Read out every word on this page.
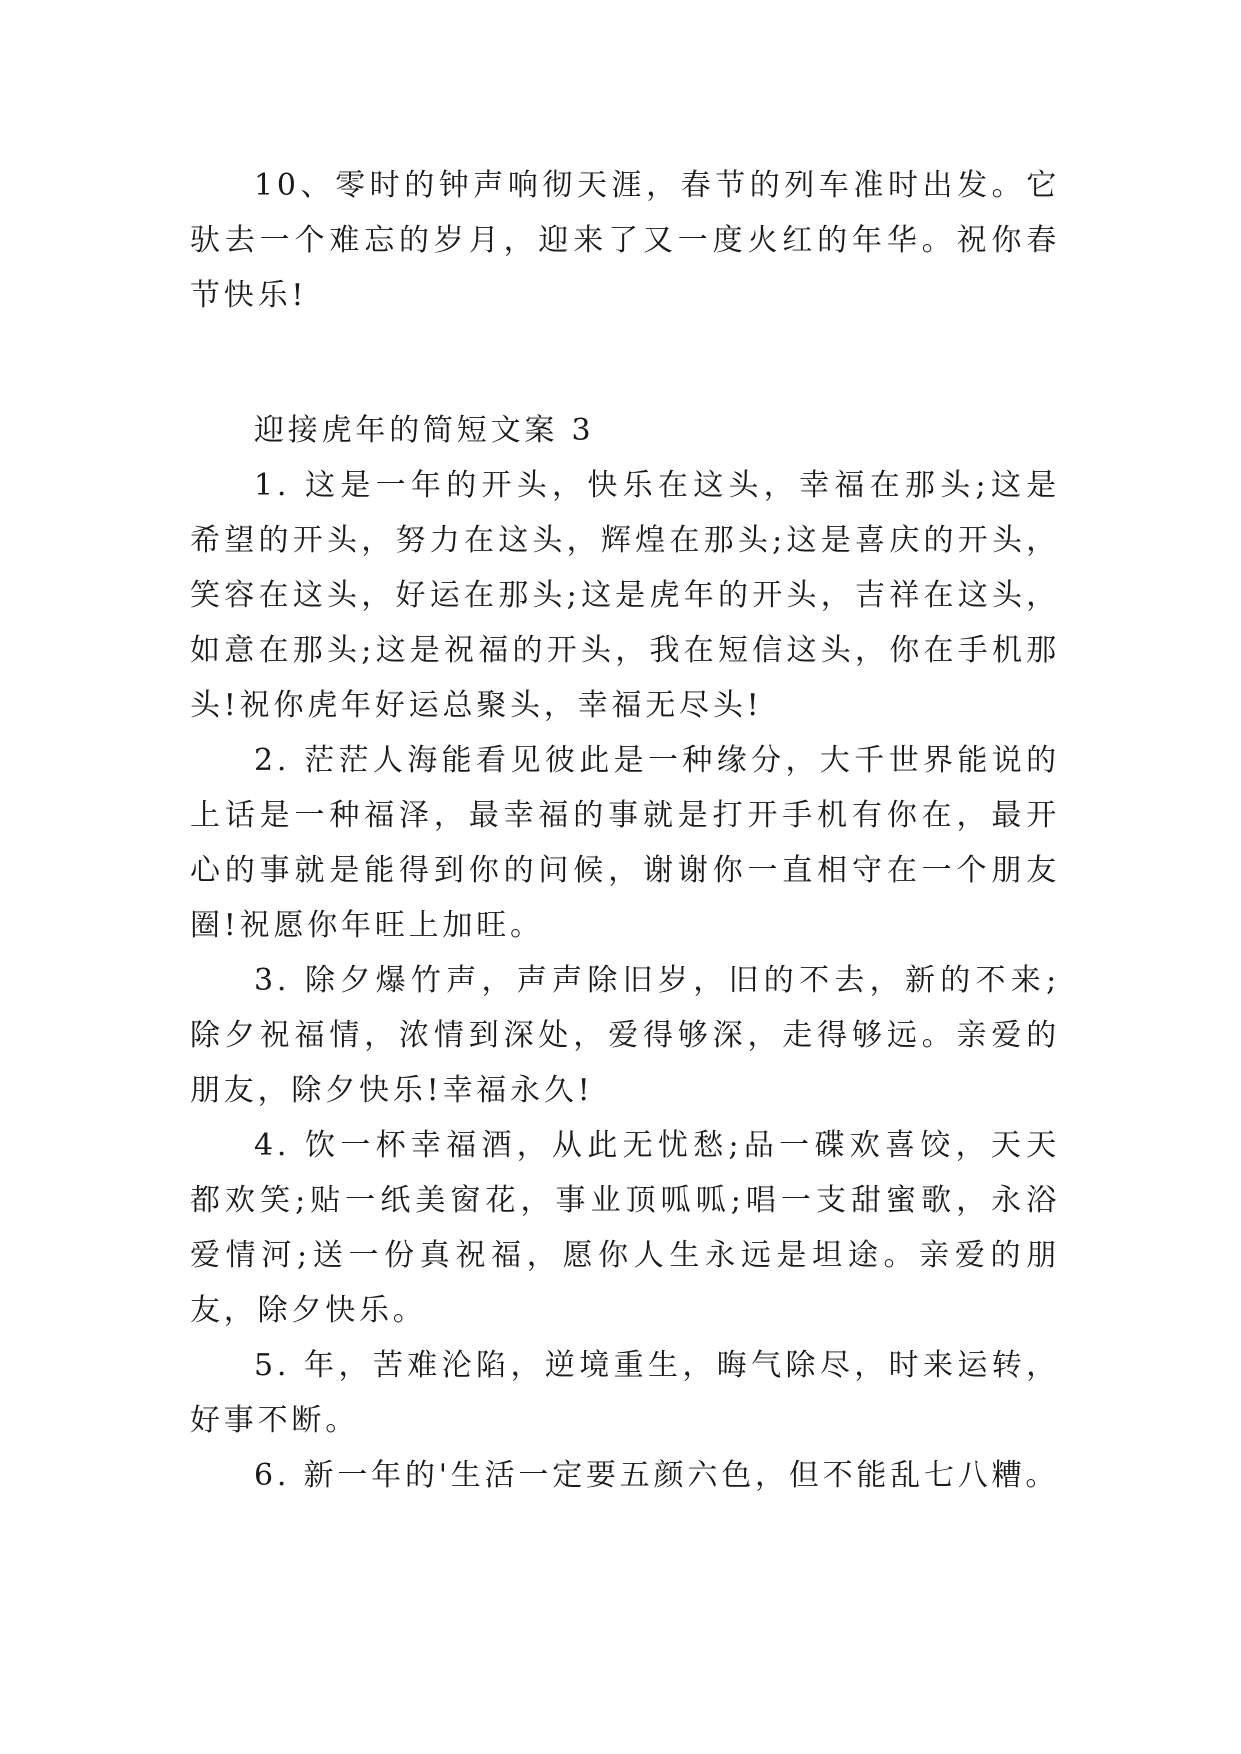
10、零时的钟声响彻天涯，春节的列车准时出发。它驮去一个难忘的岁月，迎来了又一度火红的年华。祝你春节快乐!

迎接虎年的简短文案 3

1. 这是一年的开头，快乐在这头，幸福在那头;这是希望的开头，努力在这头，辉煌在那头;这是喜庆的开头，笑容在这头，好运在那头;这是虎年的开头，吉祥在这头，如意在那头;这是祝福的开头，我在短信这头，你在手机那头!祝你虎年好运总聚头，幸福无尽头!

2. 茫茫人海能看见彼此是一种缘分，大千世界能说的上话是一种福泽，最幸福的事就是打开手机有你在，最开心的事就是能得到你的问候，谢谢你一直相守在一个朋友圈!祝愿你年旺上加旺。

3. 除夕爆竹声，声声除旧岁，旧的不去，新的不来;除夕祝福情，浓情到深处，爱得够深，走得够远。亲爱的朋友，除夕快乐!幸福永久!

4. 饮一杯幸福酒，从此无忧愁;品一碟欢喜饺，天天都欢笑;贴一纸美窗花，事业顶呱呱;唱一支甜蜜歌，永浴爱情河;送一份真祝福，愿你人生永远是坦途。亲爱的朋友，除夕快乐。

5. 年，苦难沦陷，逆境重生，晦气除尽，时来运转，好事不断。

6. 新一年的'生活一定要五颜六色，但不能乱七八糟。
